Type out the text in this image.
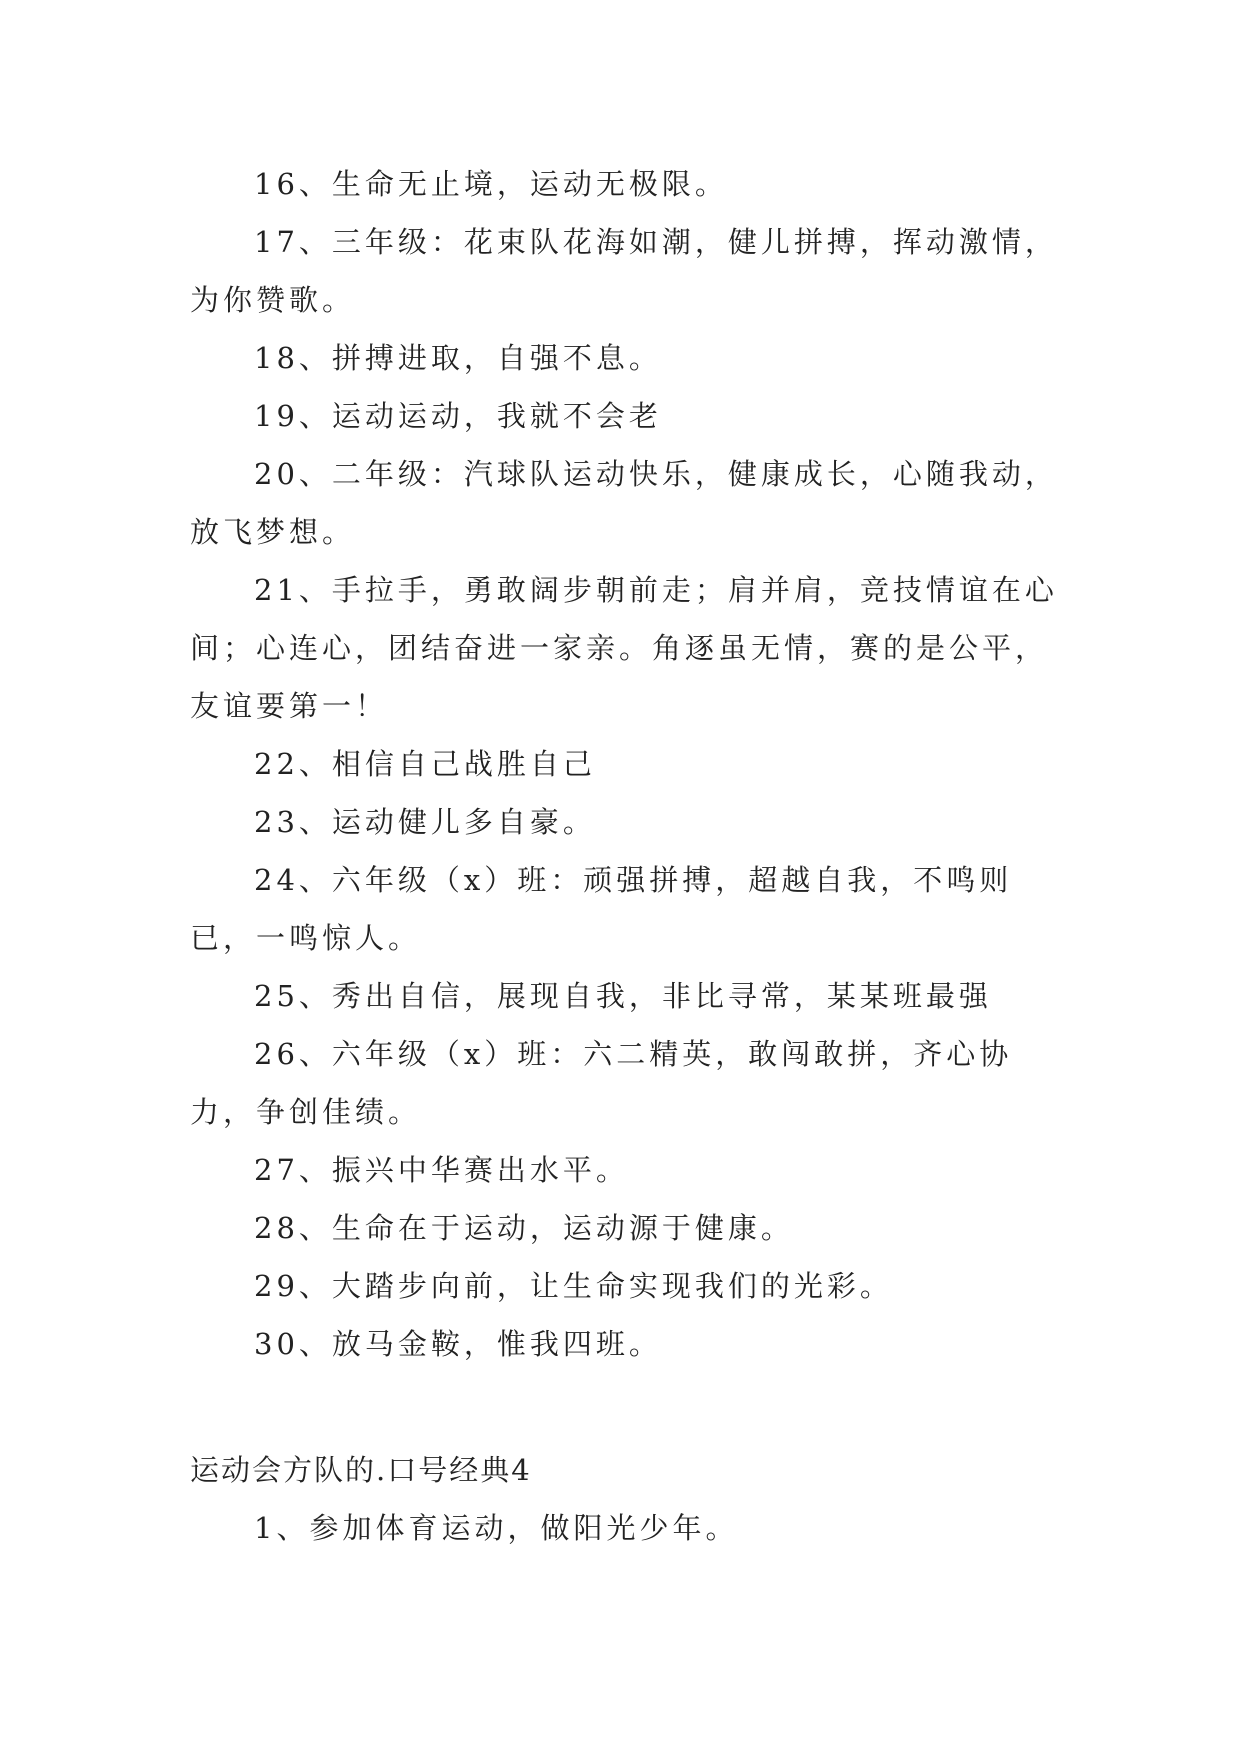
16、生命无止境，运动无极限。

17、三年级：花束队花海如潮，健儿拼搏，挥动激情，为你赞歌。

18、拼搏进取，自强不息。

19、运动运动，我就不会老

20、二年级：汽球队运动快乐，健康成长，心随我动，放飞梦想。

21、手拉手，勇敢阔步朝前走；肩并肩，竞技情谊在心间；心连心，团结奋进一家亲。角逐虽无情，赛的是公平，友谊要第一！

22、相信自己战胜自己

23、运动健儿多自豪。

24、六年级（x）班：顽强拼搏，超越自我，不鸣则已，一鸣惊人。

25、秀出自信，展现自我，非比寻常，某某班最强

26、六年级（x）班：六二精英，敢闯敢拼，齐心协力，争创佳绩。

27、振兴中华赛出水平。

28、生命在于运动，运动源于健康。

29、大踏步向前，让生命实现我们的光彩。

30、放马金鞍，惟我四班。

运动会方队的.口号经典4

1、参加体育运动，做阳光少年。
